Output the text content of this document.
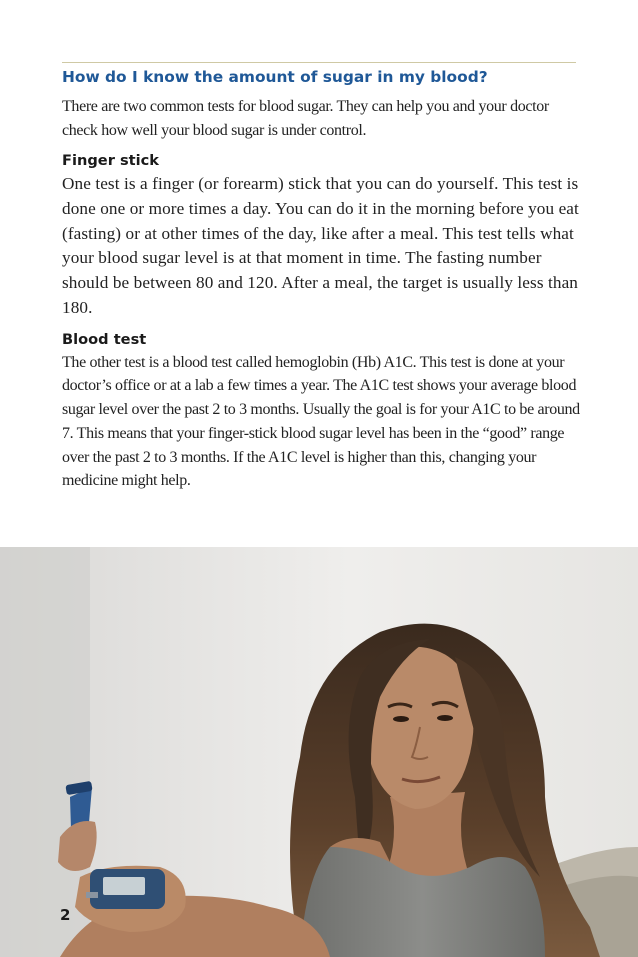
How do I know the amount of sugar in my blood?

There are two common tests for blood sugar. They can help you and your doctor check how well your blood sugar is under control.

Finger stick

One test is a finger (or forearm) stick that you can do yourself. This test is done one or more times a day. You can do it in the morning before you eat (fasting) or at other times of the day, like after a meal. This test tells what your blood sugar level is at that moment in time. The fasting number should be between 80 and 120. After a meal, the target is usually less than 180.

Blood test

The other test is a blood test called hemoglobin (Hb) A1C. This test is done at your doctor’s office or at a lab a few times a year. The A1C test shows your average blood sugar level over the past 2 to 3 months. Usually the goal is for your A1C to be around 7. This means that your finger-stick blood sugar level has been in the “good” range over the past 2 to 3 months. If the A1C level is higher than this, changing your medicine might help.

2
